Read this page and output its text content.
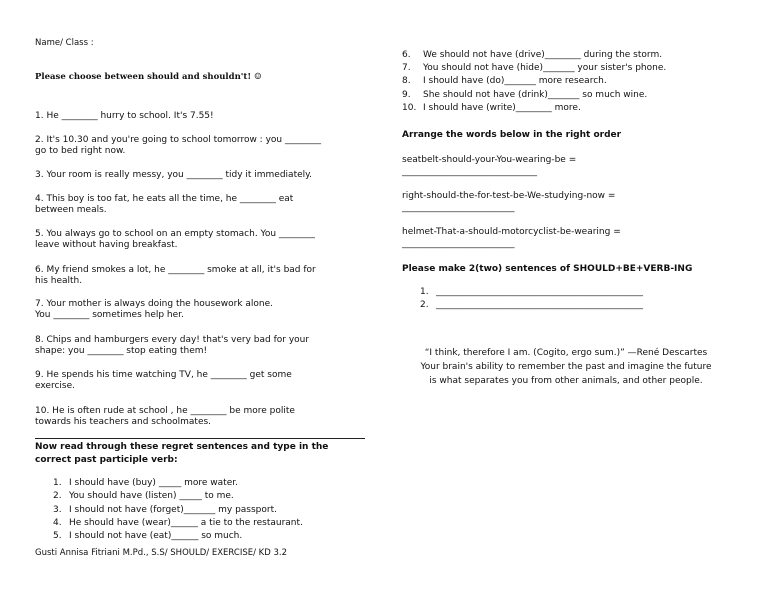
Name/ Class :
Please choose between should and shouldn't! ☺
1. He ________ hurry to school. It's 7.55!
2. It's 10.30 and you're going to school tomorrow : you ________
go to bed right now.
3. Your room is really messy, you ________ tidy it immediately.
4. This boy is too fat, he eats all the time, he ________ eat
between meals.
5. You always go to school on an empty stomach. You ________
leave without having breakfast.
6. My friend smokes a lot, he ________ smoke at all, it's bad for
his health.
7. Your mother is always doing the housework alone.
You ________ sometimes help her.
8. Chips and hamburgers every day! that's very bad for your
shape: you ________ stop eating them!
9. He spends his time watching TV, he ________ get some
exercise.
10. He is often rude at school , he ________ be more polite
towards his teachers and schoolmates.
Now read through these regret sentences and type in the
correct past participle verb:
1. I should have (buy) _____ more water.
2. You should have (listen) _____ to me.
3. I should not have (forget)_______ my passport.
4. He should have (wear)______ a tie to the restaurant.
5. I should not have (eat)______ so much.
Gusti Annisa Fitriani M.Pd., S.S/ SHOULD/ EXERCISE/ KD 3.2
6. We should not have (drive)________ during the storm.
7. You should not have (hide)_______ your sister's phone.
8. I should have (do)_______ more research.
9. She should not have (drink)_______ so much wine.
10. I should have (write)________ more.
Arrange the words below in the right order
seatbelt-should-your-You-wearing-be =
______________________________
right-should-the-for-test-be-We-studying-now =
_________________________
helmet-That-a-should-motorcyclist-be-wearing =
_________________________
Please make 2(two) sentences of SHOULD+BE+VERB-ING
1. ______________________________________________
2. ______________________________________________
“I think, therefore I am. (Cogito, ergo sum.)” —René Descartes
Your brain's ability to remember the past and imagine the future
is what separates you from other animals, and other people.
